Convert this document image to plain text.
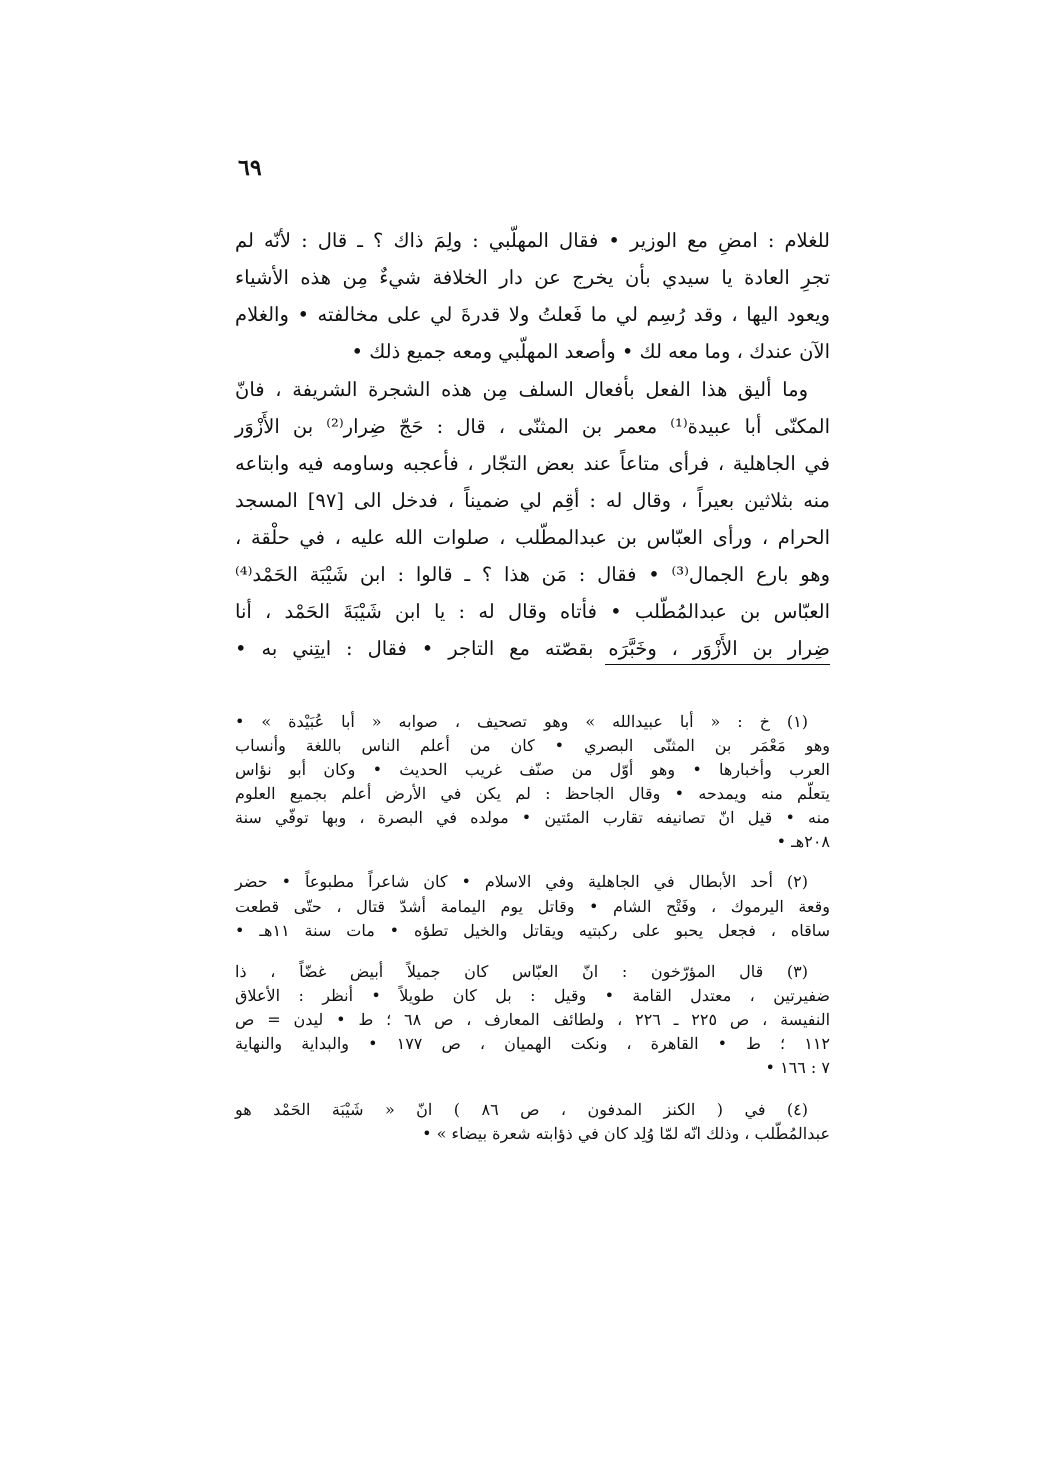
٦٩
للغلام : امضِ مع الوزير • فقال المهلّبي : ولِمَ ذاك ؟ ـ قال : لأنّه لم
تجرِ العادة يا سيدي بأن يخرج عن دار الخلافة شيءٌ مِن هذه الأشياء
ويعود اليها ، وقد رُسِم لي ما فَعلتُ ولا قدرةَ لي على مخالفته • والغلام
الآن عندك ، وما معه لك • وأصعد المهلّبي ومعه جميع ذلك •
وما أليق هذا الفعل بأفعال السلف مِن هذه الشجرة الشريفة ، فانّ
المكنّى أبا عبيدة⁽¹⁾ معمر بن المثنّى ، قال : حَجّ ضِرار⁽²⁾ بن الأَزْوَر
في الجاهلية ، فرأى متاعاً عند بعض التجّار ، فأعجبه وساومه فيه وابتاعه
منه بثلاثين بعيراً ، وقال له : أقِم لي ضميناً ، فدخل الى [٩٧] المسجد
الحرام ، ورأى العبّاس بن عبدالمطّلب ، صلوات الله عليه ، في حلْقة ،
وهو بارع الجمال⁽³⁾ • فقال : مَن هذا ؟ ـ قالوا : ابن شَيْبَة الحَمْد⁽⁴⁾
العبّاس بن عبدالمُطّلب • فأتاه وقال له : يا ابن شَيْبَةَ الحَمْد ، أنا
ضِرار بن الأَزْوَر ، وخَبَّرَه بقصّته مع التاجر • فقال : ايتِني به •
(١) خ : « أبا عبيدالله » وهو تصحيف ، صوابه « أبا عُبَيْدة » •
وهو مَعْمَر بن المثنّى البصري • كان من أعلم الناس باللغة وأنساب
العرب وأخبارها • وهو أوّل من صنّف غريب الحديث • وكان أبو نؤاس
يتعلّم منه ويمدحه • وقال الجاحظ : لم يكن في الأرض أعلم بجميع العلوم
منه • قيل انّ تصانيفه تقارب المئتين • مولده في البصرة ، وبها توفّي سنة
٢٠٨هـ •
(٢) أحد الأبطال في الجاهلية وفي الاسلام • كان شاعراً مطبوعاً • حضر
وقعة اليرموك ، وفَتْح الشام • وقاتل يوم اليمامة أشدّ قتال ، حتّى قطعت
ساقاه ، فجعل يحبو على ركبتيه ويقاتل والخيل تطؤه • مات سنة ١١هـ •
(٣) قال المؤرّخون : انّ العبّاس كان جميلاً أبيض غضّاً ، ذا
ضفيرتين ، معتدل القامة • وقيل : بل كان طويلاً • أنظر : الأعلاق
النفيسة ، ص ٢٢٥ ـ ٢٢٦ ، ولطائف المعارف ، ص ٦٨ ؛ ط • ليدن = ص
١١٢ ؛ ط • القاهرة ، ونكت الهميان ، ص ١٧٧ • والبداية والنهاية
٧ : ١٦٦ •
(٤) في ( الكنز المدفون ، ص ٨٦ ) انّ « شَيْبَة الحَمْد هو
عبدالمُطّلب ، وذلك انّه لمّا وُلِد كان في ذؤابته شعرة بيضاء » •
